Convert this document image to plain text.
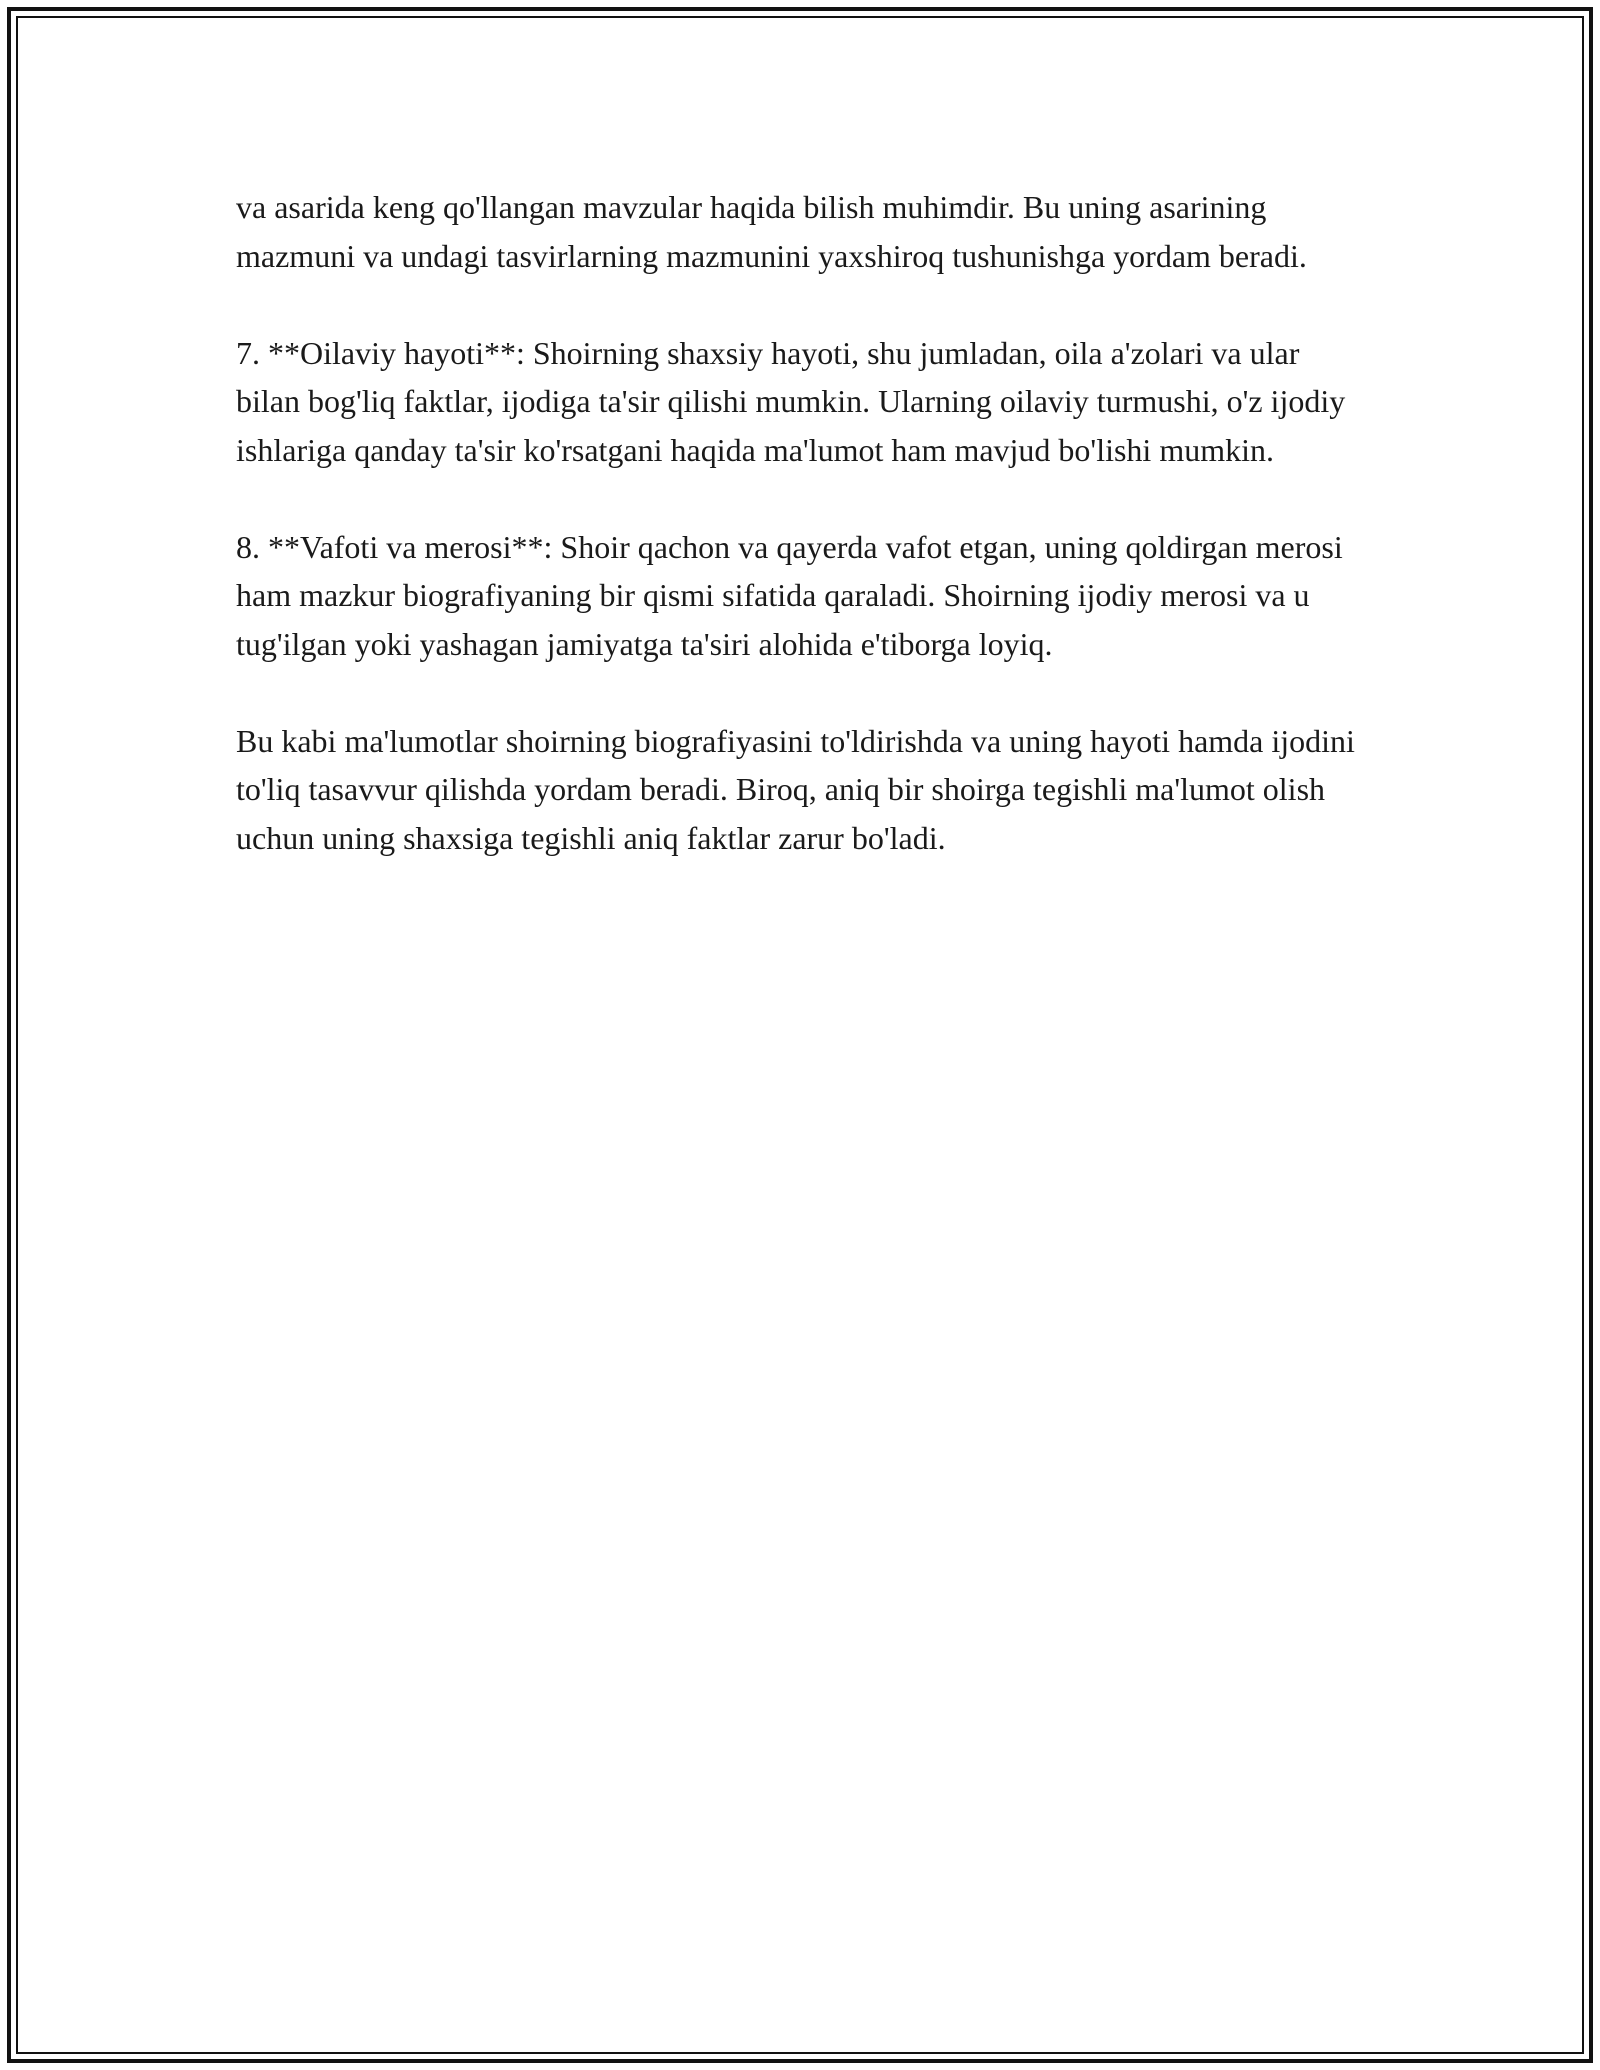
va asarida keng qo'llangan mavzular haqida bilish muhimdir. Bu uning asarining mazmuni va undagi tasvirlarning mazmunini yaxshiroq tushunishga yordam beradi.

7. **Oilaviy hayoti**: Shoirning shaxsiy hayoti, shu jumladan, oila a'zolari va ular bilan bog'liq faktlar, ijodiga ta'sir qilishi mumkin. Ularning oilaviy turmushi, o'z ijodiy ishlariga qanday ta'sir ko'rsatgani haqida ma'lumot ham mavjud bo'lishi mumkin.

8. **Vafoti va merosi**: Shoir qachon va qayerda vafot etgan, uning qoldirgan merosi ham mazkur biografiyaning bir qismi sifatida qaraladi. Shoirning ijodiy merosi va u tug'ilgan yoki yashagan jamiyatga ta'siri alohida e'tiborga loyiq.

Bu kabi ma'lumotlar shoirning biografiyasini to'ldirishda va uning hayoti hamda ijodini to'liq tasavvur qilishda yordam beradi. Biroq, aniq bir shoirga tegishli ma'lumot olish uchun uning shaxsiga tegishli aniq faktlar zarur bo'ladi.
